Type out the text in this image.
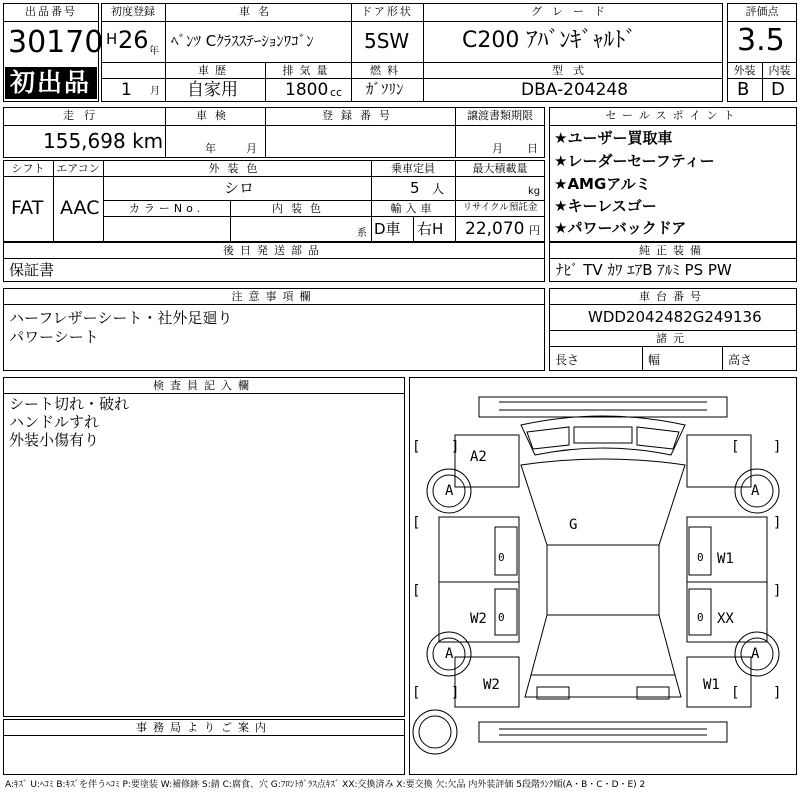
出品番号
30170
初出品
初度登録
H 26 年
1 月
車名
ﾍﾞﾝﾂ Cｸﾗｽｽﾃｰｼｮﾝﾜｺﾞﾝ
ドア形状
5SW
グレード
C200 ｱﾊﾞﾝｷﾞｬﾙﾄﾞ
車歴
自家用
排気量
1800 cc
燃料
ｶﾞｿﾘﾝ
型式
DBA-204248
評価点
3.5
外装	内装
B D
走行
155,698 km
車検
年	月
登録番号	譲渡書類期限
月 日
シフト	エアコン
FAT AAC
外装色
シロ
乗車定員
5 人
最大積載量
kg
カラーNo.	内装色
系
輸入車
D車 右H
リサイクル預託金
22,070 円
後日発送部品
保証書
セールスポイント
★ユーザー買取車
★レーダーセーフティー
★AMGアルミ
★キーレスゴー
★パワーバックドア
純正装備
ﾅﾋﾞ TV ｶﾜ ｴｱB ｱﾙﾐ PS PW
注意事項欄
ハーフレザーシート・社外足廻り
パワーシート
車台番号
WDD2042482G249136
諸元
長さ	幅	高さ
検査員記入欄
シート切れ・破れ
ハンドルすれ
外装小傷有り
事務局よりご案内
[ ]	[ ]
[	]
[	]
[ ]	[ ]
A2
A	A
G
0	0 W1
W2 0	0 XX
A	A
W2	W1
A:ｷｽﾞ U:ﾍｺﾐ B:ｷｽﾞを伴うﾍｺﾐ P:要塗装 W:補修跡 S:錆 C:腐食、穴 G:ﾌﾛﾝﾄｶﾞﾗｽ点ｷｽﾞ XX:交換済み X:要交換 欠:欠品 内外装評価 5段階ﾗﾝｸ順(A・B・C・D・E) 2
